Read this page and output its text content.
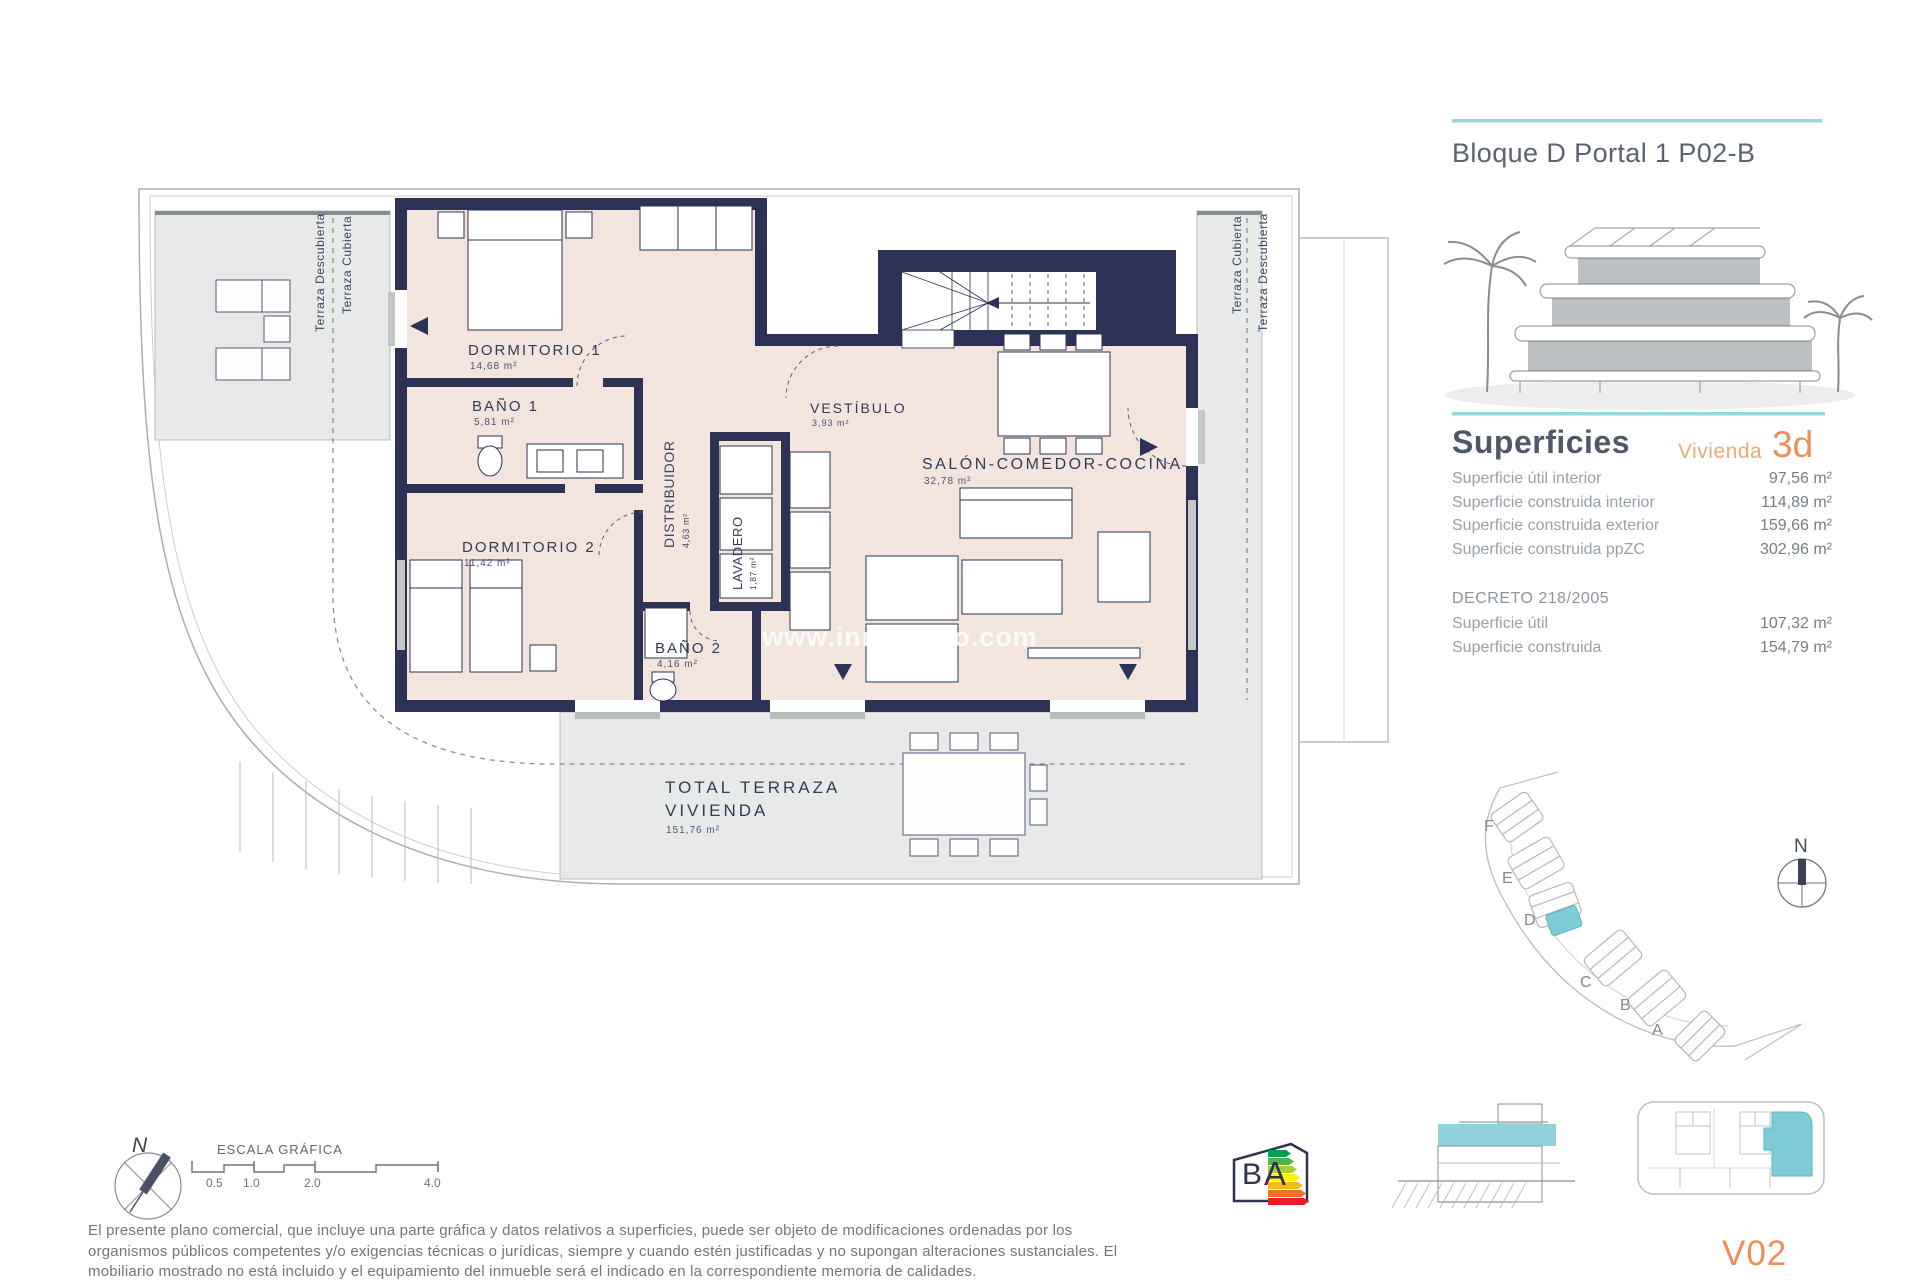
Bloque D Portal 1 P02-B
Superficies Vivienda 3d
Superficie útil interior	97,56 m²
Superficie construida interior	114,89 m²
Superficie construida exterior	159,66 m²
Superficie construida ppZC	302,96 m²
DECRETO 218/2005
Superficie útil	107,32 m²
Superficie construida	154,79 m²
F
E
D
C
B
A
N
V02
DORMITORIO 1
14,68 m²
BAÑO 1
5,81 m²
DISTRIBUIDOR 4,63 m²
VESTÍBULO
3,93 m²
SALÓN-COMEDOR-COCINA
32,78 m²
LAVADERO 1,87 m²
DORMITORIO 2
11,42 m²
BAÑO 2
4,16 m²
TOTAL TERRAZA
VIVIENDA
151,76 m²
Terraza Descubierta Terraza Cubierta	Terraza Cubierta Terraza Descubierta
www.inmo-toro.com
ESCALA GRÁFICA
0.5 1.0	2.0	4.0
N
B A
El presente plano comercial, que incluye una parte gráfica y datos relativos a superficies, puede ser objeto de modificaciones ordenadas por los organismos públicos competentes y/o exigencias técnicas o jurídicas, siempre y cuando estén justificadas y no supongan alteraciones sustanciales. El mobiliario mostrado no está incluido y el equipamiento del inmueble será el indicado en la correspondiente memoria de calidades.
